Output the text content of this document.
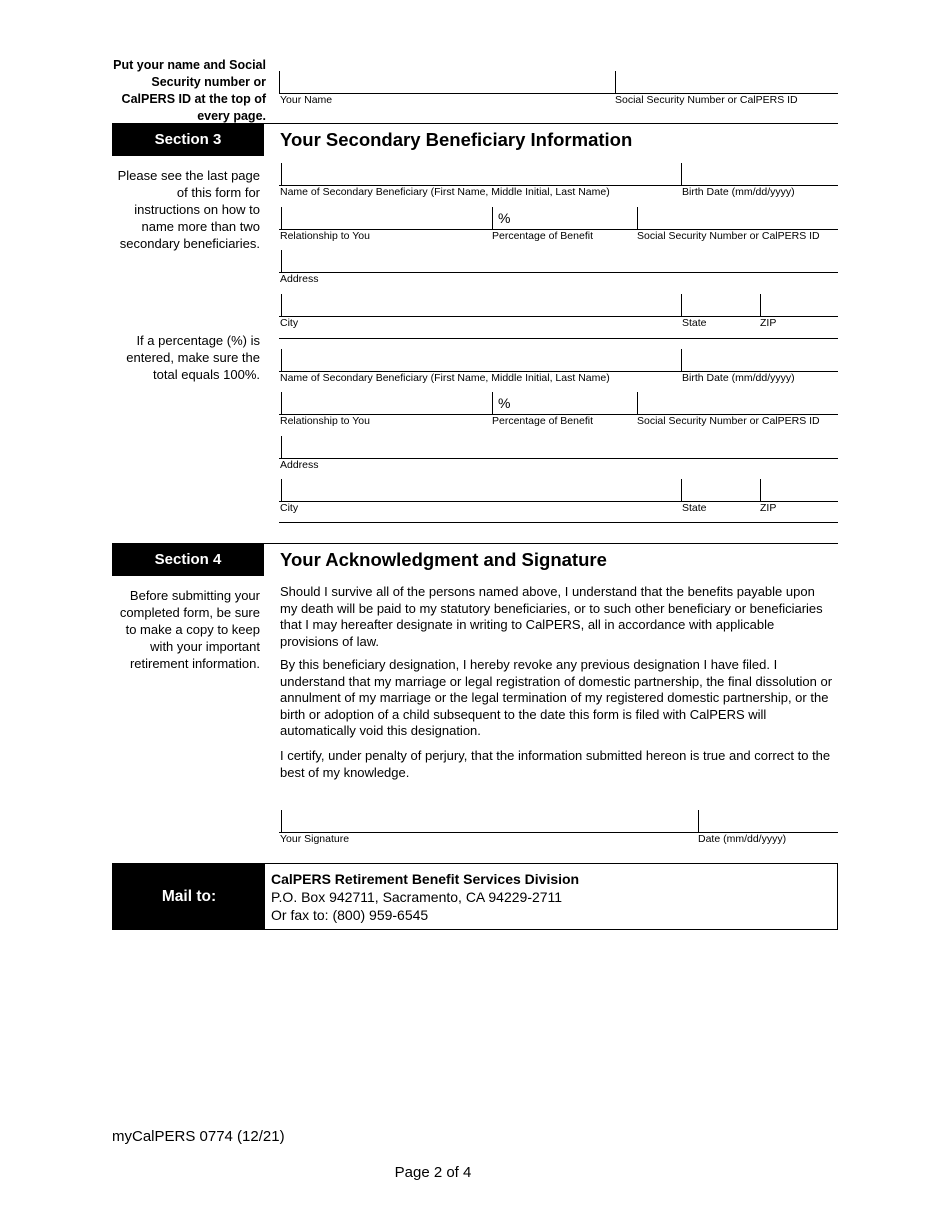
Put your name and Social Security number or CalPERS ID at the top of every page.
Your Name	Social Security Number or CalPERS ID
Section 3	Your Secondary Beneficiary Information
Please see the last page of this form for instructions on how to name more than two secondary beneficiaries.
If a percentage (%) is entered, make sure the total equals 100%.
Name of Secondary Beneficiary (First Name, Middle Initial, Last Name)	Birth Date (mm/dd/yyyy)
%
Relationship to You	Percentage of Benefit	Social Security Number or CalPERS ID
Address
City	State	ZIP
Name of Secondary Beneficiary (First Name, Middle Initial, Last Name)	Birth Date (mm/dd/yyyy)
%
Relationship to You	Percentage of Benefit	Social Security Number or CalPERS ID
Address
City	State	ZIP
Section 4	Your Acknowledgment and Signature
Before submitting your completed form, be sure to make a copy to keep with your important retirement information.

Should I survive all of the persons named above, I understand that the benefits payable upon my death will be paid to my statutory beneficiaries, or to such other beneficiary or beneficiaries that I may hereafter designate in writing to CalPERS, all in accordance with applicable provisions of law.

By this beneficiary designation, I hereby revoke any previous designation I have filed. I understand that my marriage or legal registration of domestic partnership, the final dissolution or annulment of my marriage or the legal termination of my registered domestic partnership, or the birth or adoption of a child subsequent to the date this form is filed with CalPERS will automatically void this designation.

I certify, under penalty of perjury, that the information submitted hereon is true and correct to the best of my knowledge.

Your Signature	Date (mm/dd/yyyy)
Mail to:
CalPERS Retirement Benefit Services Division
P.O. Box 942711, Sacramento, CA 94229-2711
Or fax to: (800) 959-6545
myCalPERS 0774 (12/21)
Page 2 of 4
